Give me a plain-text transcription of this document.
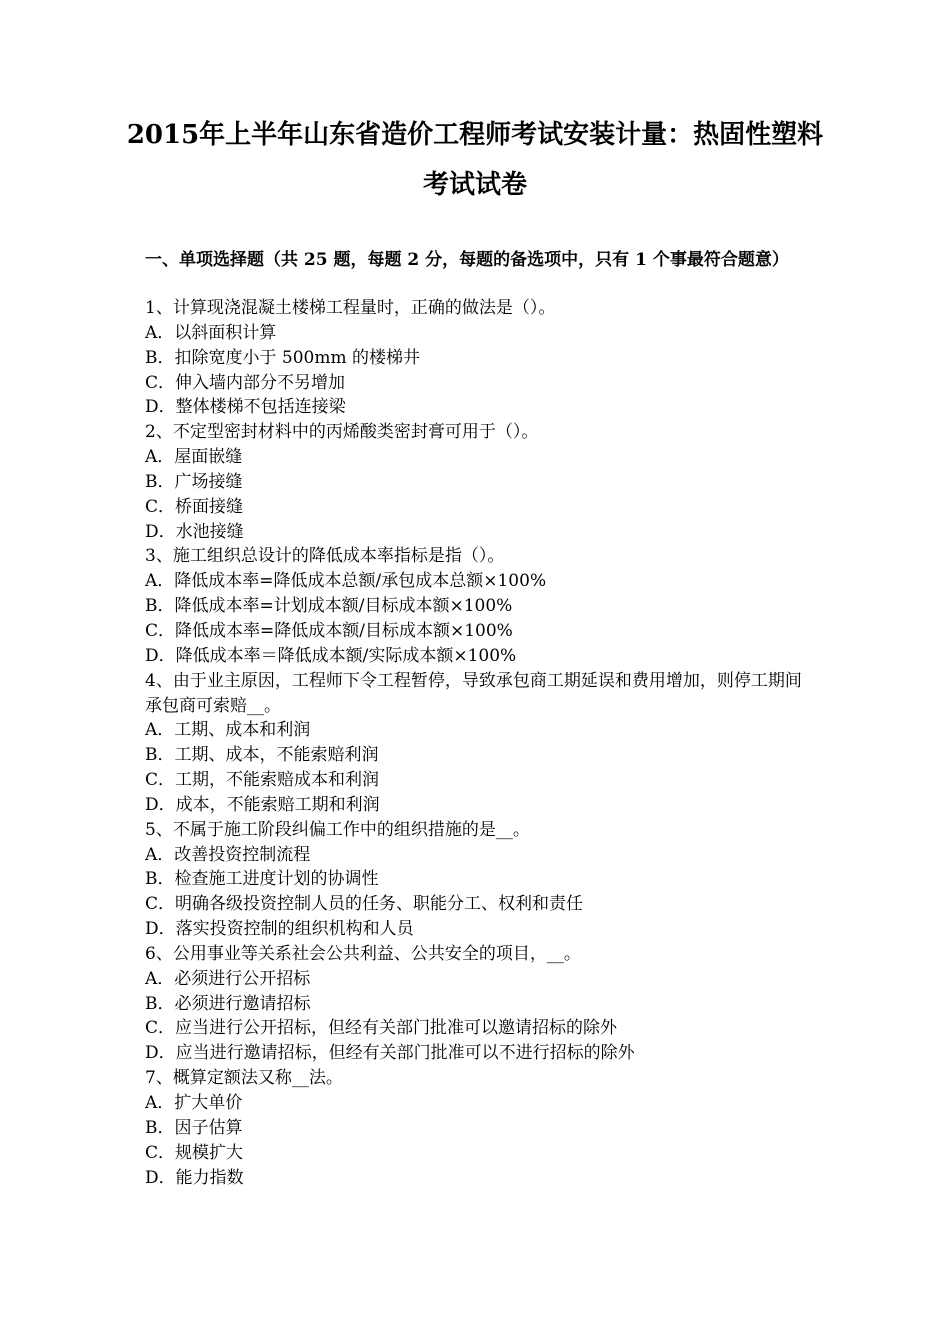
2015年上半年山东省造价工程师考试安装计量：热固性塑料考试试卷
一、单项选择题（共 25 题，每题 2 分，每题的备选项中，只有 1 个事最符合题意）
1、计算现浇混凝土楼梯工程量时，正确的做法是（）。
A．以斜面积计算
B．扣除宽度小于 500mm 的楼梯井
C．伸入墙内部分不另增加
D．整体楼梯不包括连接梁
2、不定型密封材料中的丙烯酸类密封膏可用于（）。
A．屋面嵌缝
B．广场接缝
C．桥面接缝
D．水池接缝
3、施工组织总设计的降低成本率指标是指（）。
A．降低成本率=降低成本总额/承包成本总额×100%
B．降低成本率=计划成本额/目标成本额×100%
C．降低成本率=降低成本额/目标成本额×100%
D．降低成本率＝降低成本额/实际成本额×100%
4、由于业主原因，工程师下令工程暂停，导致承包商工期延误和费用增加，则停工期间承包商可索赔__。
A．工期、成本和利润
B．工期、成本，不能索赔利润
C．工期，不能索赔成本和利润
D．成本，不能索赔工期和利润
5、不属于施工阶段纠偏工作中的组织措施的是__。
A．改善投资控制流程
B．检查施工进度计划的协调性
C．明确各级投资控制人员的任务、职能分工、权利和责任
D．落实投资控制的组织机构和人员
6、公用事业等关系社会公共利益、公共安全的项目，__。
A．必须进行公开招标
B．必须进行邀请招标
C．应当进行公开招标，但经有关部门批准可以邀请招标的除外
D．应当进行邀请招标，但经有关部门批准可以不进行招标的除外
7、概算定额法又称__法。
A．扩大单价
B．因子估算
C．规模扩大
D．能力指数
